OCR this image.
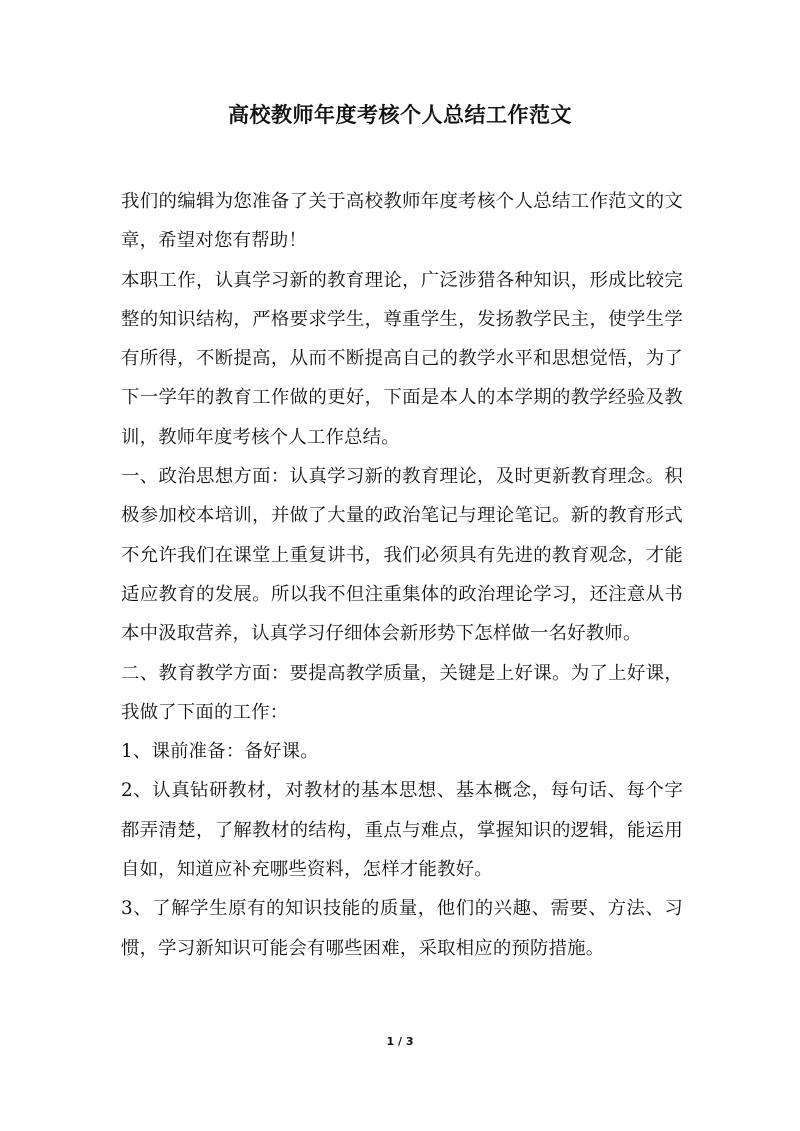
高校教师年度考核个人总结工作范文

我们的编辑为您准备了关于高校教师年度考核个人总结工作范文的文章，希望对您有帮助！

本职工作，认真学习新的教育理论，广泛涉猎各种知识，形成比较完整的知识结构，严格要求学生，尊重学生，发扬教学民主，使学生学有所得，不断提高，从而不断提高自己的教学水平和思想觉悟，为了下一学年的教育工作做的更好，下面是本人的本学期的教学经验及教训，教师年度考核个人工作总结。

一、政治思想方面：认真学习新的教育理论，及时更新教育理念。积极参加校本培训，并做了大量的政治笔记与理论笔记。新的教育形式不允许我们在课堂上重复讲书，我们必须具有先进的教育观念，才能适应教育的发展。所以我不但注重集体的政治理论学习，还注意从书本中汲取营养，认真学习仔细体会新形势下怎样做一名好教师。

二、教育教学方面：要提高教学质量，关键是上好课。为了上好课，我做了下面的工作：

1、课前准备：备好课。

2、认真钻研教材，对教材的基本思想、基本概念，每句话、每个字都弄清楚，了解教材的结构，重点与难点，掌握知识的逻辑，能运用自如，知道应补充哪些资料，怎样才能教好。

3、了解学生原有的知识技能的质量，他们的兴趣、需要、方法、习惯，学习新知识可能会有哪些困难，采取相应的预防措施。

1 / 3
